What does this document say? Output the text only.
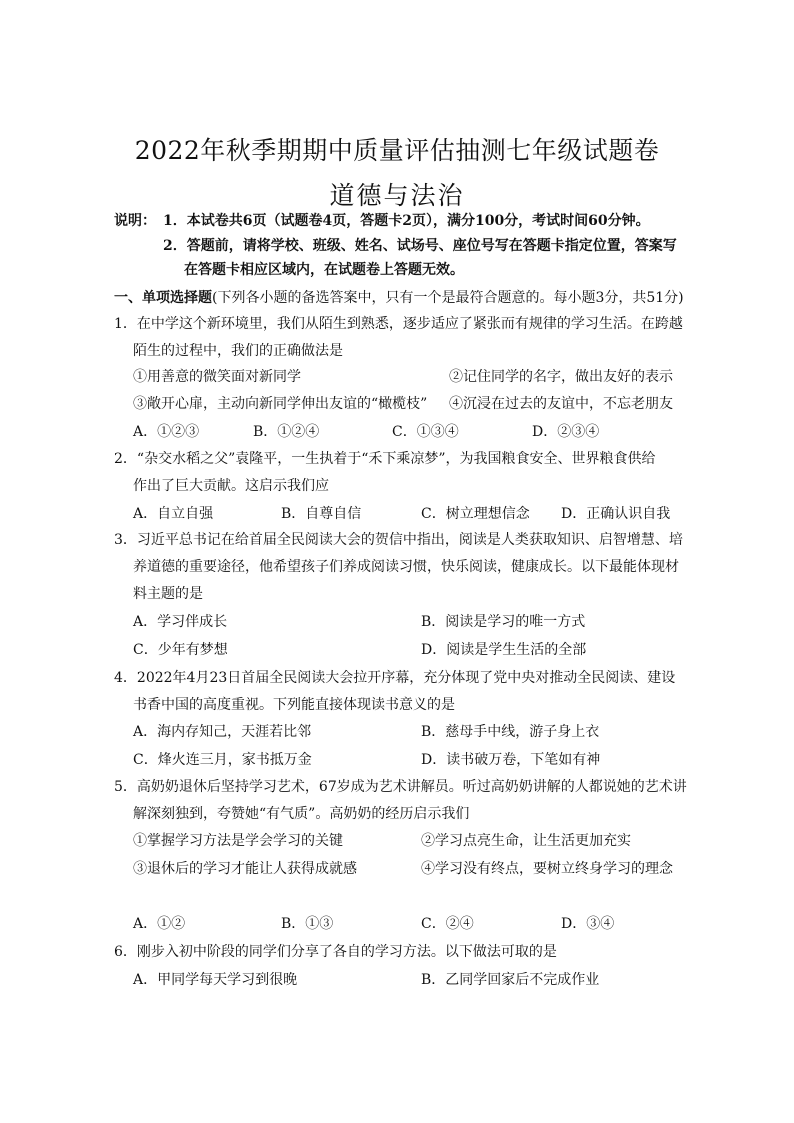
2022年秋季期期中质量评估抽测七年级试题卷
道德与法治
说明： 1．本试卷共6页（试题卷4页，答题卡2页），满分100分，考试时间60分钟。
2．答题前，请将学校、班级、姓名、试场号、座位号写在答题卡指定位置，答案写
在答题卡相应区域内，在试题卷上答题无效。
一、单项选择题(下列各小题的备选答案中，只有一个是最符合题意的。每小题3分，共51分)
1．在中学这个新环境里，我们从陌生到熟悉，逐步适应了紧张而有规律的学习生活。在跨越
陌生的过程中，我们的正确做法是
①用善意的微笑面对新同学	②记住同学的名字，做出友好的表示
③敞开心扉，主动向新同学伸出友谊的“橄榄枝” ④沉浸在过去的友谊中，不忘老朋友
A．①②③	B．①②④	C．①③④	D．②③④
2．“杂交水稻之父”袁隆平，一生执着于“禾下乘凉梦”，为我国粮食安全、世界粮食供给
作出了巨大贡献。这启示我们应
A．自立自强	B．自尊自信	C．树立理想信念 D．正确认识自我
3．习近平总书记在给首届全民阅读大会的贺信中指出，阅读是人类获取知识、启智增慧、培
养道德的重要途径，他希望孩子们养成阅读习惯，快乐阅读，健康成长。以下最能体现材
料主题的是
A．学习伴成长	B．阅读是学习的唯一方式
C．少年有梦想	D．阅读是学生生活的全部
4．2022年4月23日首届全民阅读大会拉开序幕，充分体现了党中央对推动全民阅读、建设
书香中国的高度重视。下列能直接体现读书意义的是
A．海内存知己，天涯若比邻	B．慈母手中线，游子身上衣
C．烽火连三月，家书抵万金	D．读书破万卷，下笔如有神
5．高奶奶退休后坚持学习艺术，67岁成为艺术讲解员。听过高奶奶讲解的人都说她的艺术讲
解深刻独到，夸赞她“有气质”。高奶奶的经历启示我们
①掌握学习方法是学会学习的关键	②学习点亮生命，让生活更加充实
③退休后的学习才能让人获得成就感	④学习没有终点，要树立终身学习的理念
A．①②	B．①③	C．②④	D．③④
6．刚步入初中阶段的同学们分享了各自的学习方法。以下做法可取的是
A．甲同学每天学习到很晚	B．乙同学回家后不完成作业
